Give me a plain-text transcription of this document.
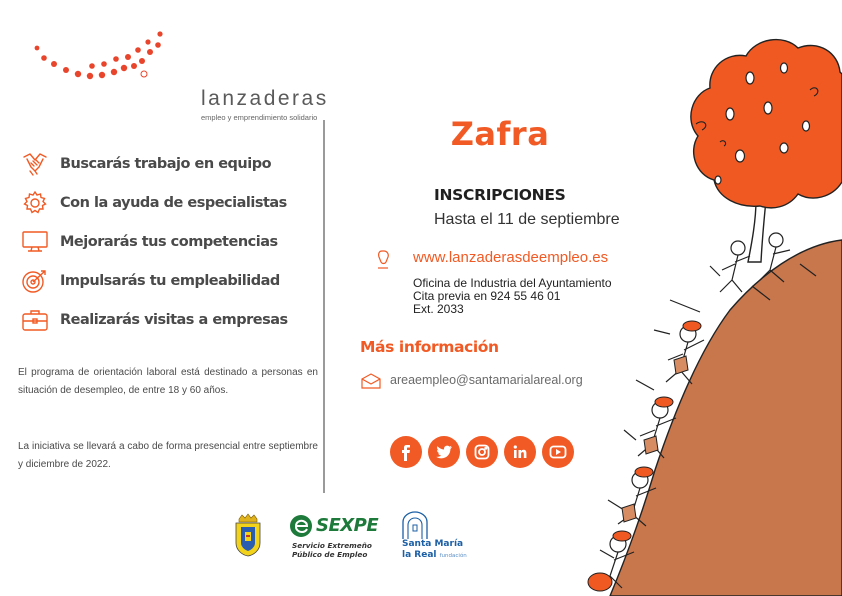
lanzaderas
empleo y emprendimiento solidario
Buscarás trabajo en equipo
Con la ayuda de especialistas
Mejorarás tus competencias
Impulsarás tu empleabilidad
Realizarás visitas a empresas

El programa de orientación laboral está destinado a personas en situación de desempleo, de entre 18 y 60 años.

La iniciativa se llevará a cabo de forma presencial entre septiembre y diciembre de 2022.

Zafra
INSCRIPCIONES
Hasta el 11 de septiembre
www.lanzaderasdeempleo.es
Oficina de Industria del Ayuntamiento
Cita previa en 924 55 46 01
Ext. 2033
Más información
areaempleo@santamarialareal.org
SEXPE
Servicio Extremeño
Público de Empleo
Santa María
la Real fundación
